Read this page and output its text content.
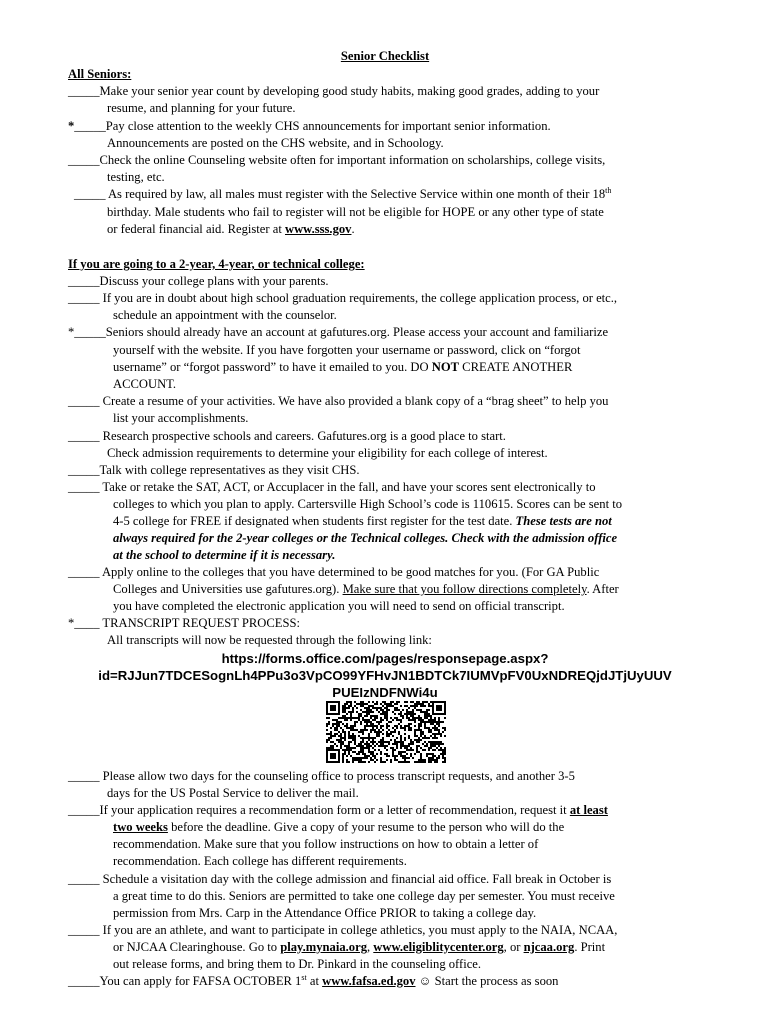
Senior Checklist
All Seniors:
_____Make your senior year count by developing good study habits, making good grades, adding to your
resume, and planning for your future.
*_____Pay close attention to the weekly CHS announcements for important senior information.
Announcements are posted on the CHS website, and in Schoology.
_____Check the online Counseling website often for important information on scholarships, college visits,
testing, etc.
_____ As required by law, all males must register with the Selective Service within one month of their 18th
birthday. Male students who fail to register will not be eligible for HOPE or any other type of state
or federal financial aid. Register at www.sss.gov.
If you are going to a 2-year, 4-year, or technical college:
_____Discuss your college plans with your parents.
_____ If you are in doubt about high school graduation requirements, the college application process, or etc.,
schedule an appointment with the counselor.
*_____Seniors should already have an account at gafutures.org. Please access your account and familiarize
yourself with the website. If you have forgotten your username or password, click on “forgot
username” or “forgot password” to have it emailed to you. DO NOT CREATE ANOTHER
ACCOUNT.
_____ Create a resume of your activities. We have also provided a blank copy of a “brag sheet” to help you
list your accomplishments.
_____ Research prospective schools and careers. Gafutures.org is a good place to start.
Check admission requirements to determine your eligibility for each college of interest.
_____Talk with college representatives as they visit CHS.
_____ Take or retake the SAT, ACT, or Accuplacer in the fall, and have your scores sent electronically to
colleges to which you plan to apply. Cartersville High School’s code is 110615. Scores can be sent to
4-5 college for FREE if designated when students first register for the test date. These tests are not
always required for the 2-year colleges or the Technical colleges. Check with the admission office
at the school to determine if it is necessary.
_____ Apply online to the colleges that you have determined to be good matches for you. (For GA Public
Colleges and Universities use gafutures.org). Make sure that you follow directions completely. After
you have completed the electronic application you will need to send on official transcript.
*____ TRANSCRIPT REQUEST PROCESS:
All transcripts will now be requested through the following link:
https://forms.office.com/pages/responsepage.aspx?
id=RJJun7TDCESognLh4PPu3o3VpCO99YFHvJN1BDTCk7IUMVpFV0UxNDREQjdJTjUyUUV
PUEIzNDFNWi4u
_____ Please allow two days for the counseling office to process transcript requests, and another 3-5
days for the US Postal Service to deliver the mail.
_____If your application requires a recommendation form or a letter of recommendation, request it at least
two weeks before the deadline. Give a copy of your resume to the person who will do the
recommendation. Make sure that you follow instructions on how to obtain a letter of
recommendation. Each college has different requirements.
_____ Schedule a visitation day with the college admission and financial aid office. Fall break in October is
a great time to do this. Seniors are permitted to take one college day per semester. You must receive
permission from Mrs. Carp in the Attendance Office PRIOR to taking a college day.
_____ If you are an athlete, and want to participate in college athletics, you must apply to the NAIA, NCAA,
or NJCAA Clearinghouse. Go to play.mynaia.org, www.eligiblitycenter.org, or njcaa.org. Print
out release forms, and bring them to Dr. Pinkard in the counseling office.
_____You can apply for FAFSA OCTOBER 1st at www.fafsa.ed.gov ☺ Start the process as soon
